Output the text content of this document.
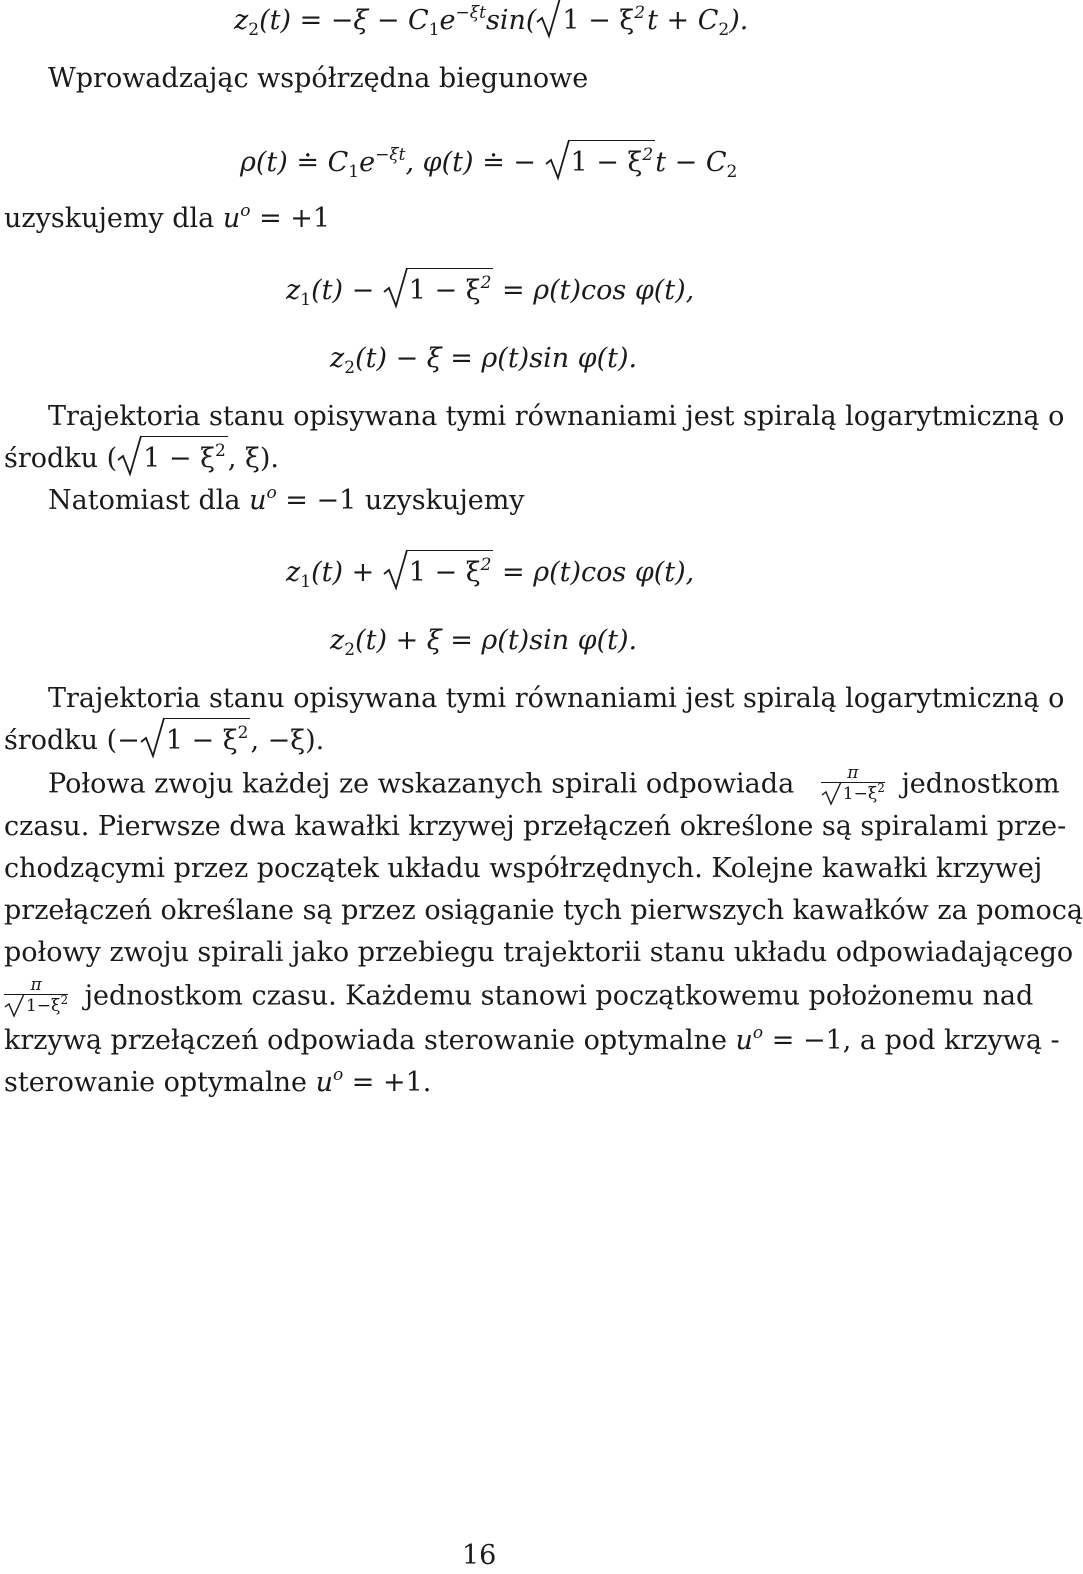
$z_2(t) = -\xi - C_1e^{-\xi t}\sin$( $1 - \xi^2t + C_2$).
Wprowadzając współrzędna biegunowe
ρ(t) ≐ $C_1e^{-\xi t}$, φ(t) ≐ − $1 - \xi^2t - C_2$
uzyskujemy dla $u^o = +1$
$z_1(t) - 1 - \xi^2 = \rho(t)\cos$ φ(t),
$z_2(t) - \xi = \rho(t)\sin$ φ(t).
Trajektoria stanu opisywana tymi równaniami jest spiralą logarytmiczną o
środku ( $1 - \xi^2$, ξ).
Natomiast dla $u^o = -1$ uzyskujemy
$z_1(t) + 1 - \xi^2 = \rho(t)\cos$ φ(t),
$z_2(t) + \xi = \rho(t)\sin$ φ(t).
Trajektoria stanu opisywana tymi równaniami jest spiralą logarytmiczną o
środku (− $1 - \xi^2$, −ξ).
Połowa zwoju każdej ze wskazanych spirali odpowiada $\frac{\pi}{1-\xi^2}$ jednostkom
czasu. Pierwsze dwa kawałki krzywej przełączeń określone są spiralami prze-
chodzącymi przez początek układu współrzędnych. Kolejne kawałki krzywej
przełączeń określane są przez osiąganie tych pierwszych kawałków za pomocą
połowy zwoju spirali jako przebiegu trajektorii stanu układu odpowiadającego
$\frac{\pi}{1-\xi^2}$ jednostkom czasu. Każdemu stanowi początkowemu położonemu nad
krzywą przełączeń odpowiada sterowanie optymalne $u^o = -1$, a pod krzywą -
sterowanie optymalne $u^o = +1$.
16
